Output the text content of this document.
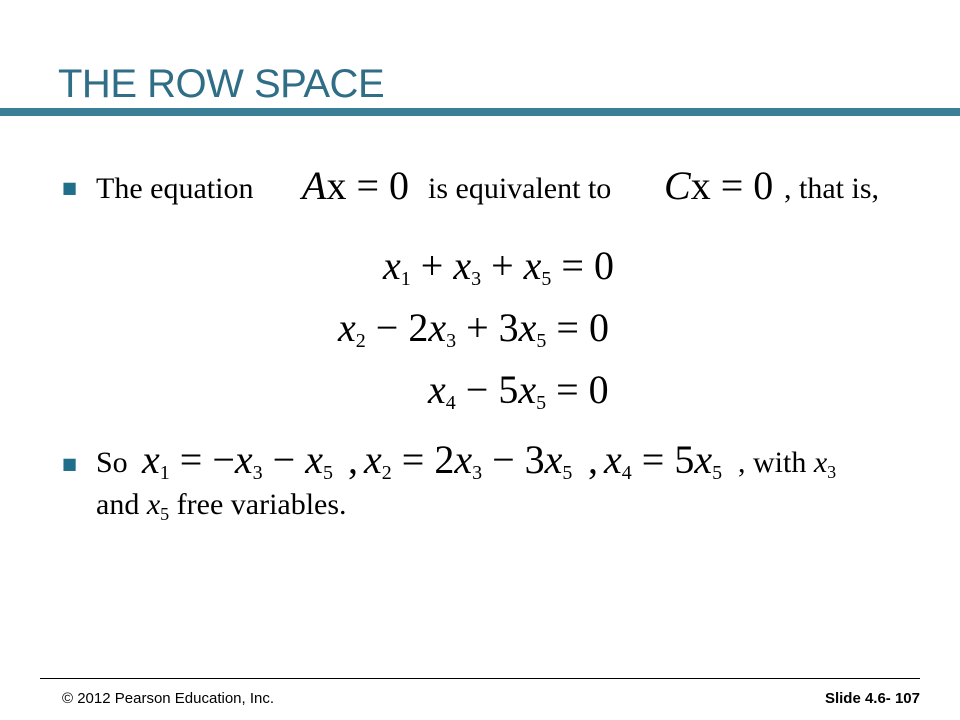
THE ROW SPACE
■ The equation Ax = 0 is equivalent to Cx = 0 , that is,
$x_1 + x_3 + x_5 = 0$
$x_2 - 2x_3 + 3x_5 = 0$
$x_4 - 5x_5 = 0$
■ So $x_1 = -x_3 - x_5$ , $x_2 = 2x_3 - 3x_5$ , $x_4 = 5x_5$ , with $x_3$
and $x_5$ free variables.
© 2012 Pearson Education, Inc.	Slide 4.6- 107
